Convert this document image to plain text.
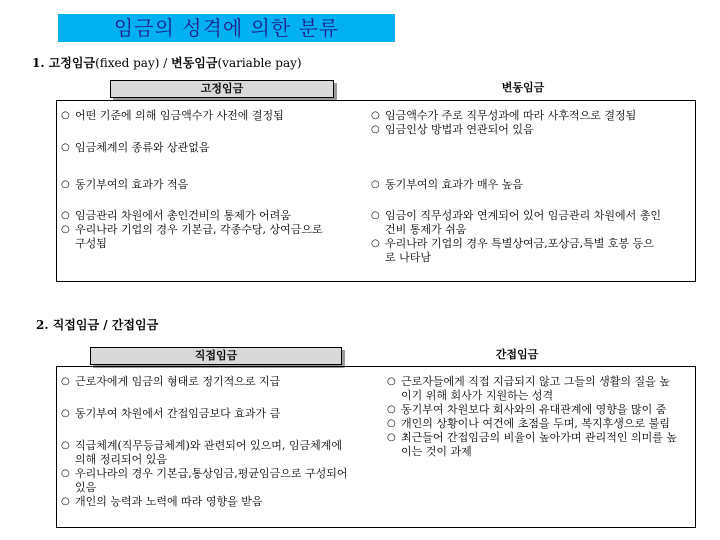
임금의 성격에 의한 분류
1. 고정임금(fixed pay) / 변동임금(variable pay)
고정임금	변동임금
○ 어떤 기준에 의해 임금액수가 사전에 결정됨
○ 임금체계의 종류와 상관없음
○ 임금액수가 주로 직무성과에 따라 사후적으로 결정됨
○ 임금인상 방법과 연관되어 있음
○ 동기부여의 효과가 적음
○	동기부여의 효과가 매우 높음
○ 임금관리 차원에서 총인건비의 통제가 어려움
○ 우리나라 기업의 경우 기본급, 각종수당, 상여금으로 구성됨
○ 임금이 직무성과와 연계되어 있어 임금관리 차원에서 총인건비 통제가 쉬움
○ 우리나라 기업의 경우 특별상여금,포상금,특별 호봉 등으로 나타남
2. 직접임금 / 간접임금
직접임금	간접임금
○ 근로자에게 임금의 형태로 정기적으로 지급
○ 동기부여 차원에서 간접임금보다 효과가 큼
○ 직급체계(직무등급체계)와 관련되어 있으며, 임금체계에 의해 정리되어 있음
○ 우리나라의 경우 기본급,통상임금,평균임금으로 구성되어 있음
○ 개인의 능력과 노력에 따라 영향을 받음
○ 근로자들에게 직접 지급되지 않고 그들의 생활의 질을 높이기 위해 회사가 지원하는 성격
○ 동기부여 차원보다 회사와의 유대관계에 영향을 많이 줌
○ 개인의 상황이나 여건에 초점을 두며, 복지후생으로 불림
○ 최근들어 간접임금의 비율이 높아가며 관리적인 의미를 높이는 것이 과제
